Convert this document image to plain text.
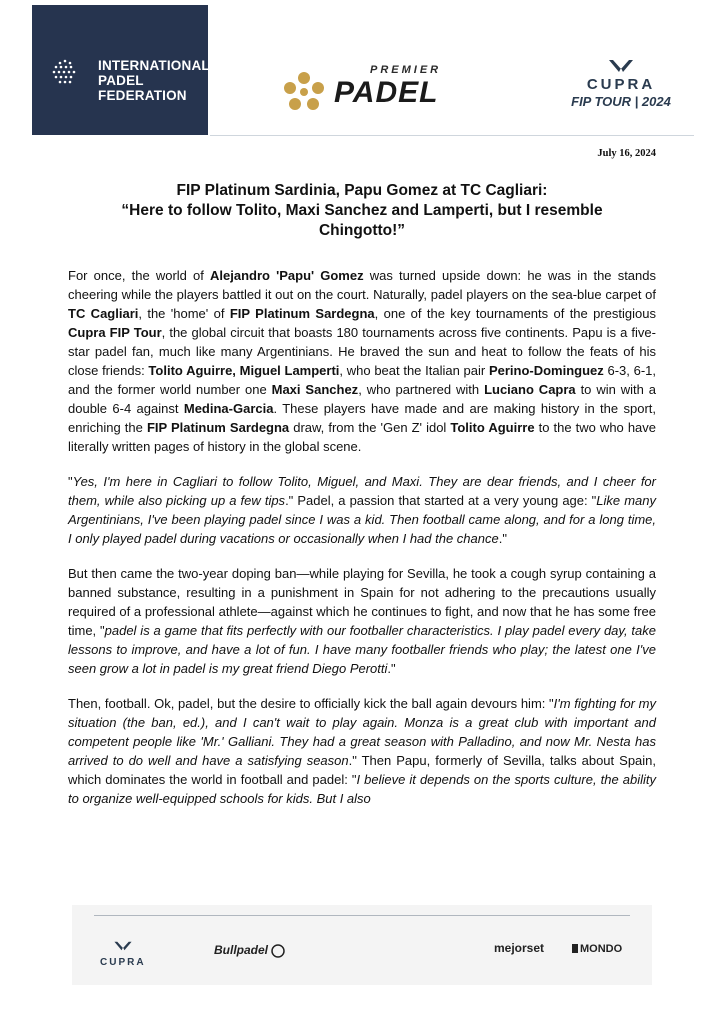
INTERNATIONAL
PADEL
FEDERATION
PREMIER
PADEL	CUPRA
FIP TOUR | 2024
July 16, 2024
FIP Platinum Sardinia, Papu Gomez at TC Cagliari:
“Here to follow Tolito, Maxi Sanchez and Lamperti, but I resemble
Chingotto!”

For once, the world of Alejandro 'Papu' Gomez was turned upside down: he was in the stands cheering while the players battled it out on the court. Naturally, padel players on the sea-blue carpet of TC Cagliari, the 'home' of FIP Platinum Sardegna, one of the key tournaments of the prestigious Cupra FIP Tour, the global circuit that boasts 180 tournaments across five continents. Papu is a five-star padel fan, much like many Argentinians. He braved the sun and heat to follow the feats of his close friends: Tolito Aguirre, Miguel Lamperti, who beat the Italian pair Perino-Dominguez 6-3, 6-1, and the former world number one Maxi Sanchez, who partnered with Luciano Capra to win with a double 6-4 against Medina-Garcia. These players have made and are making history in the sport, enriching the FIP Platinum Sardegna draw, from the 'Gen Z' idol Tolito Aguirre to the two who have literally written pages of history in the global scene.

"Yes, I'm here in Cagliari to follow Tolito, Miguel, and Maxi. They are dear friends, and I cheer for them, while also picking up a few tips." Padel, a passion that started at a very young age: "Like many Argentinians, I've been playing padel since I was a kid. Then football came along, and for a long time, I only played padel during vacations or occasionally when I had the chance."

But then came the two-year doping ban—while playing for Sevilla, he took a cough syrup containing a banned substance, resulting in a punishment in Spain for not adhering to the precautions usually required of a professional athlete—against which he continues to fight, and now that he has some free time, "padel is a game that fits perfectly with our footballer characteristics. I play padel every day, take lessons to improve, and have a lot of fun. I have many footballer friends who play; the latest one I've seen grow a lot in padel is my great friend Diego Perotti."

Then, football. Ok, padel, but the desire to officially kick the ball again devours him: "I'm fighting for my situation (the ban, ed.), and I can't wait to play again. Monza is a great club with important and competent people like 'Mr.' Galliani. They had a great season with Palladino, and now Mr. Nesta has arrived to do well and have a satisfying season." Then Papu, formerly of Sevilla, talks about Spain, which dominates the world in football and padel: "I believe it depends on the sports culture, the ability to organize well-equipped schools for kids. But I also

CUPRA
Bullpadel	mejorset	MONDO
